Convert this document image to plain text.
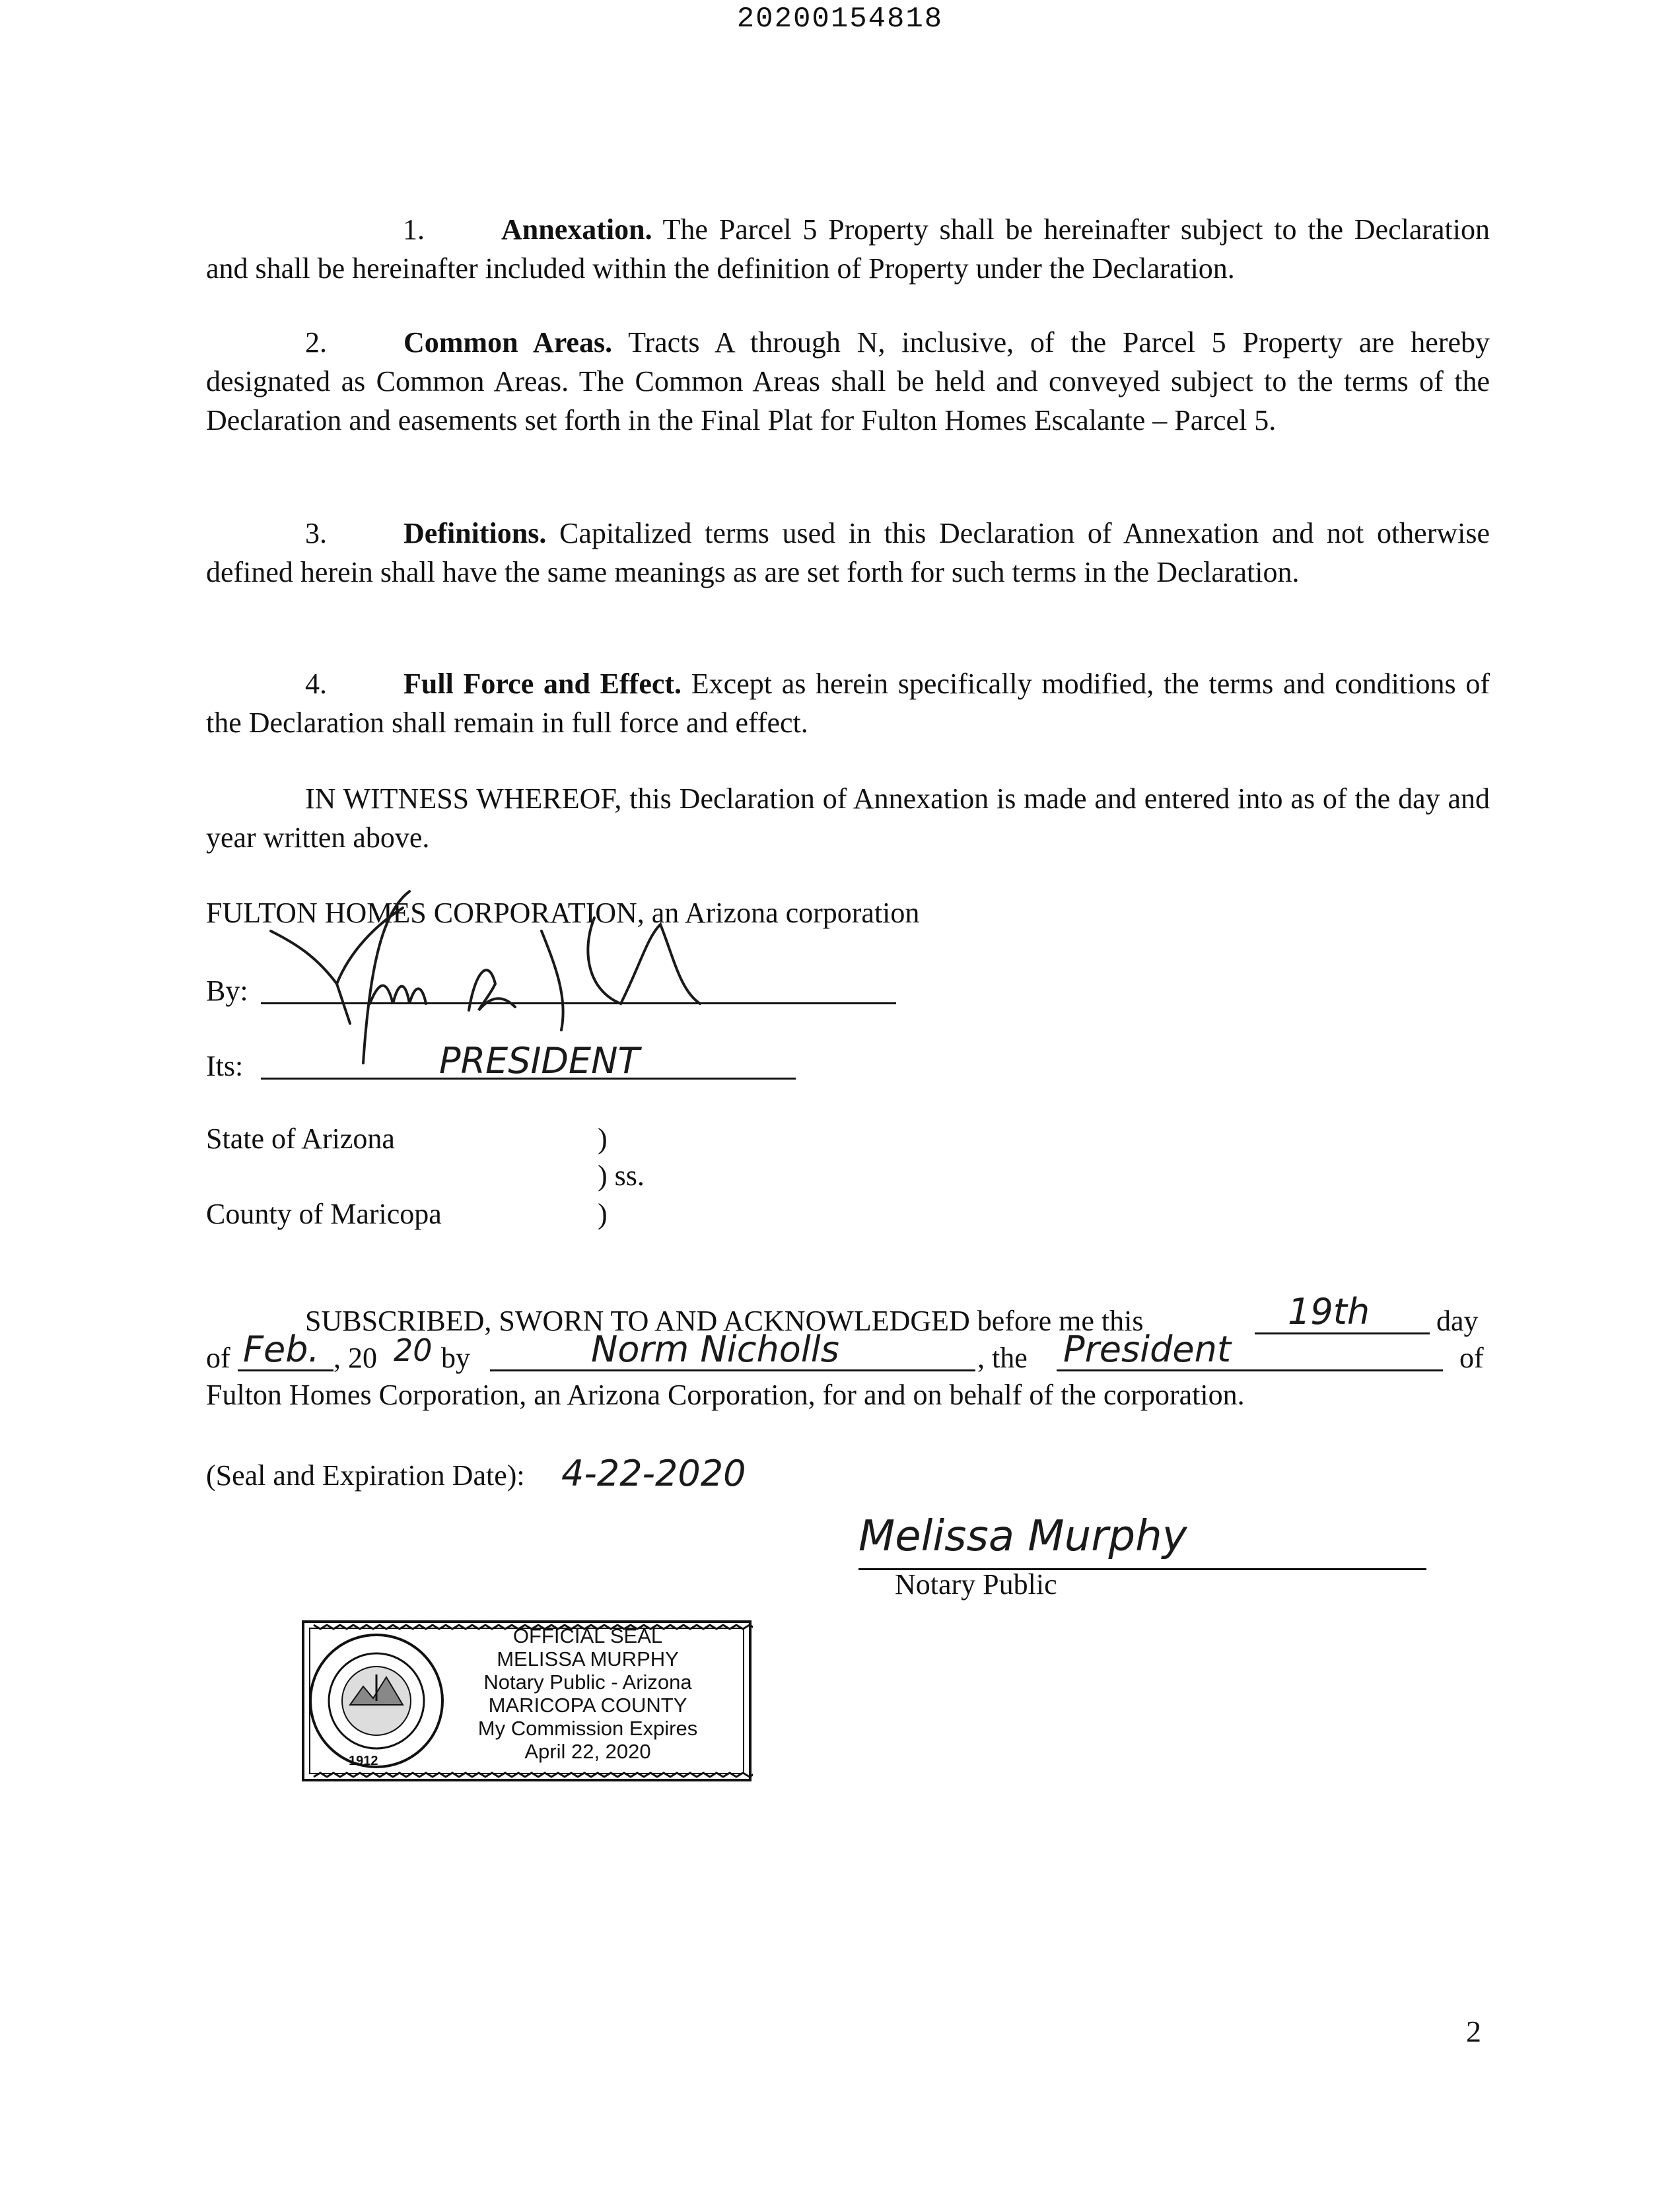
20200154818
1.	Annexation. The Parcel 5 Property shall be hereinafter subject to the Declaration and shall be hereinafter included within the definition of Property under the Declaration.
2.	Common Areas. Tracts A through N, inclusive, of the Parcel 5 Property are hereby designated as Common Areas. The Common Areas shall be held and conveyed subject to the terms of the Declaration and easements set forth in the Final Plat for Fulton Homes Escalante – Parcel 5.
3.	Definitions. Capitalized terms used in this Declaration of Annexation and not otherwise defined herein shall have the same meanings as are set forth for such terms in the Declaration.
4.	Full Force and Effect. Except as herein specifically modified, the terms and conditions of the Declaration shall remain in full force and effect.
IN WITNESS WHEREOF, this Declaration of Annexation is made and entered into as of the day and year written above.
FULTON HOMES CORPORATION, an Arizona corporation
By:
Its:	PRESIDENT
State of Arizona	)
) ss.
County of Maricopa	)
SUBSCRIBED, SWORN TO AND ACKNOWLEDGED before me this	19th day
of Feb. , 20 20 by	Norm Nicholls	, the President	of
Fulton Homes Corporation, an Arizona Corporation, for and on behalf of the corporation.
(Seal and Expiration Date): 4-22-2020
Melissa Murphy
Notary Public
1912
OFFICIAL SEAL
MELISSA MURPHY
Notary Public - Arizona
MARICOPA COUNTY
My Commission Expires
April 22, 2020
2
